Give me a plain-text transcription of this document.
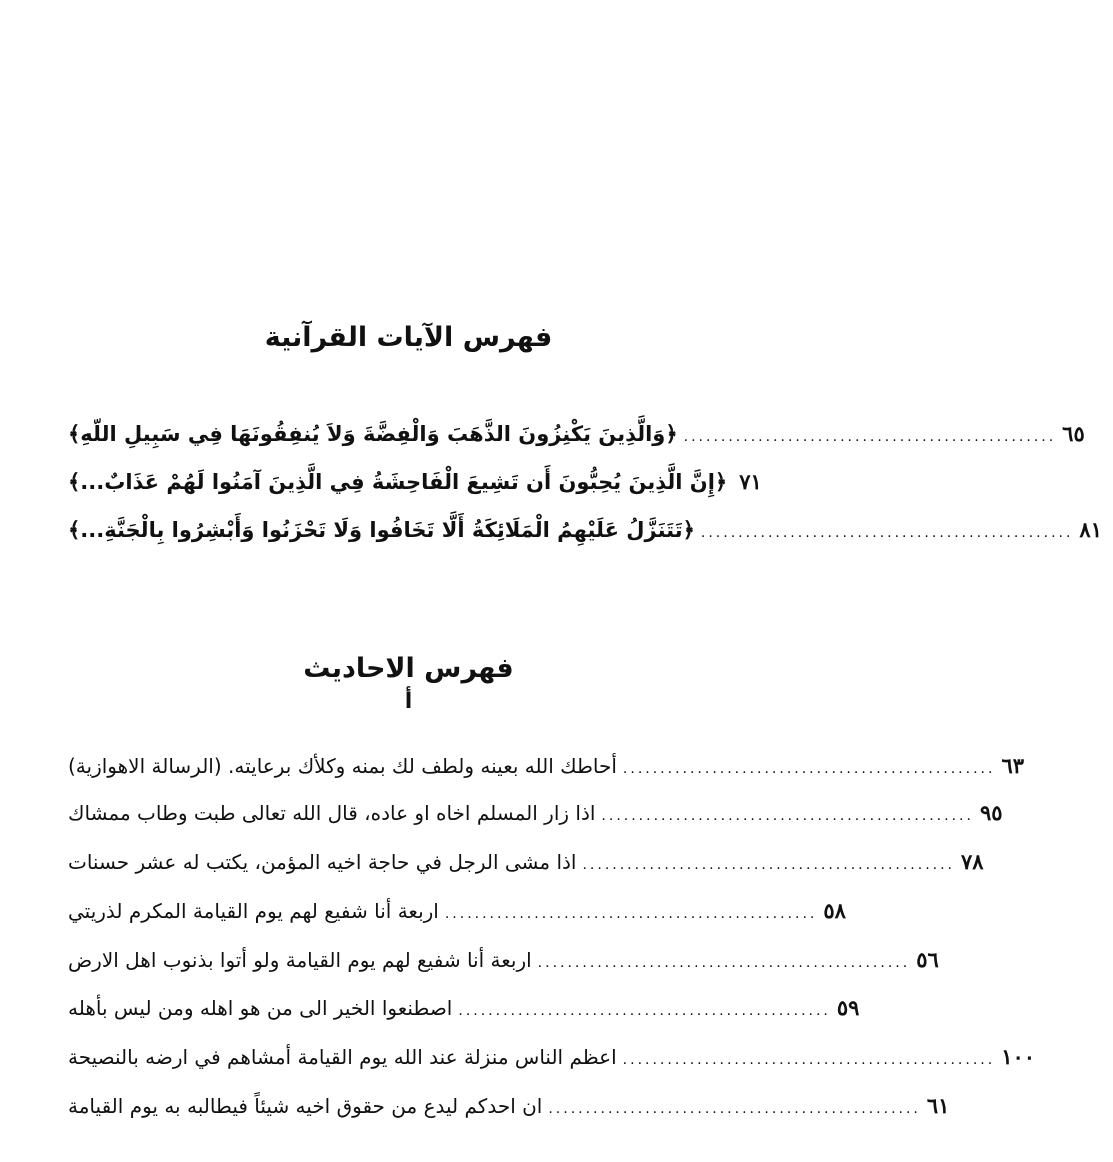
فهرس الآيات القرآنية
﴿وَالَّذِينَ يَكْنِزُونَ الذَّهَبَ وَالْفِضَّةَ وَلاَ يُنفِقُونَهَا فِي سَبِيلِ اللّهِ﴾ .................................................. ٦٥
﴿إِنَّ الَّذِينَ يُحِبُّونَ أَن تَشِيعَ الْفَاحِشَةُ فِي الَّذِينَ آمَنُوا لَهُمْ عَذَابٌ...﴾ ٧١
﴿تَتَنَزَّلُ عَلَيْهِمُ الْمَلَائِكَةُ أَلَّا تَخَافُوا وَلَا تَحْزَنُوا وَأَبْشِرُوا بِالْجَنَّةِ...﴾ .................................................. ٨١
فهرس الاحاديث
أ
أحاطك الله بعينه ولطف لك بمنه وكلأك برعايته. (الرسالة الاهوازية) .................................................. ٦٣
اذا زار المسلم اخاه او عاده، قال الله تعالى طبت وطاب ممشاك .................................................. ٩٥
اذا مشى الرجل في حاجة اخيه المؤمن، يكتب له عشر حسنات .................................................. ٧٨
اربعة أنا شفيع لهم يوم القيامة المكرم لذريتي .................................................. ٥٨
اربعة أنا شفيع لهم يوم القيامة ولو أتوا بذنوب اهل الارض .................................................. ٥٦
اصطنعوا الخير الى من هو اهله ومن ليس بأهله .................................................. ٥٩
اعظم الناس منزلة عند الله يوم القيامة أمشاهم في ارضه بالنصيحة .................................................. ١٠٠
ان احدكم ليدع من حقوق اخيه شيئاً فيطالبه به يوم القيامة .................................................. ٦١
